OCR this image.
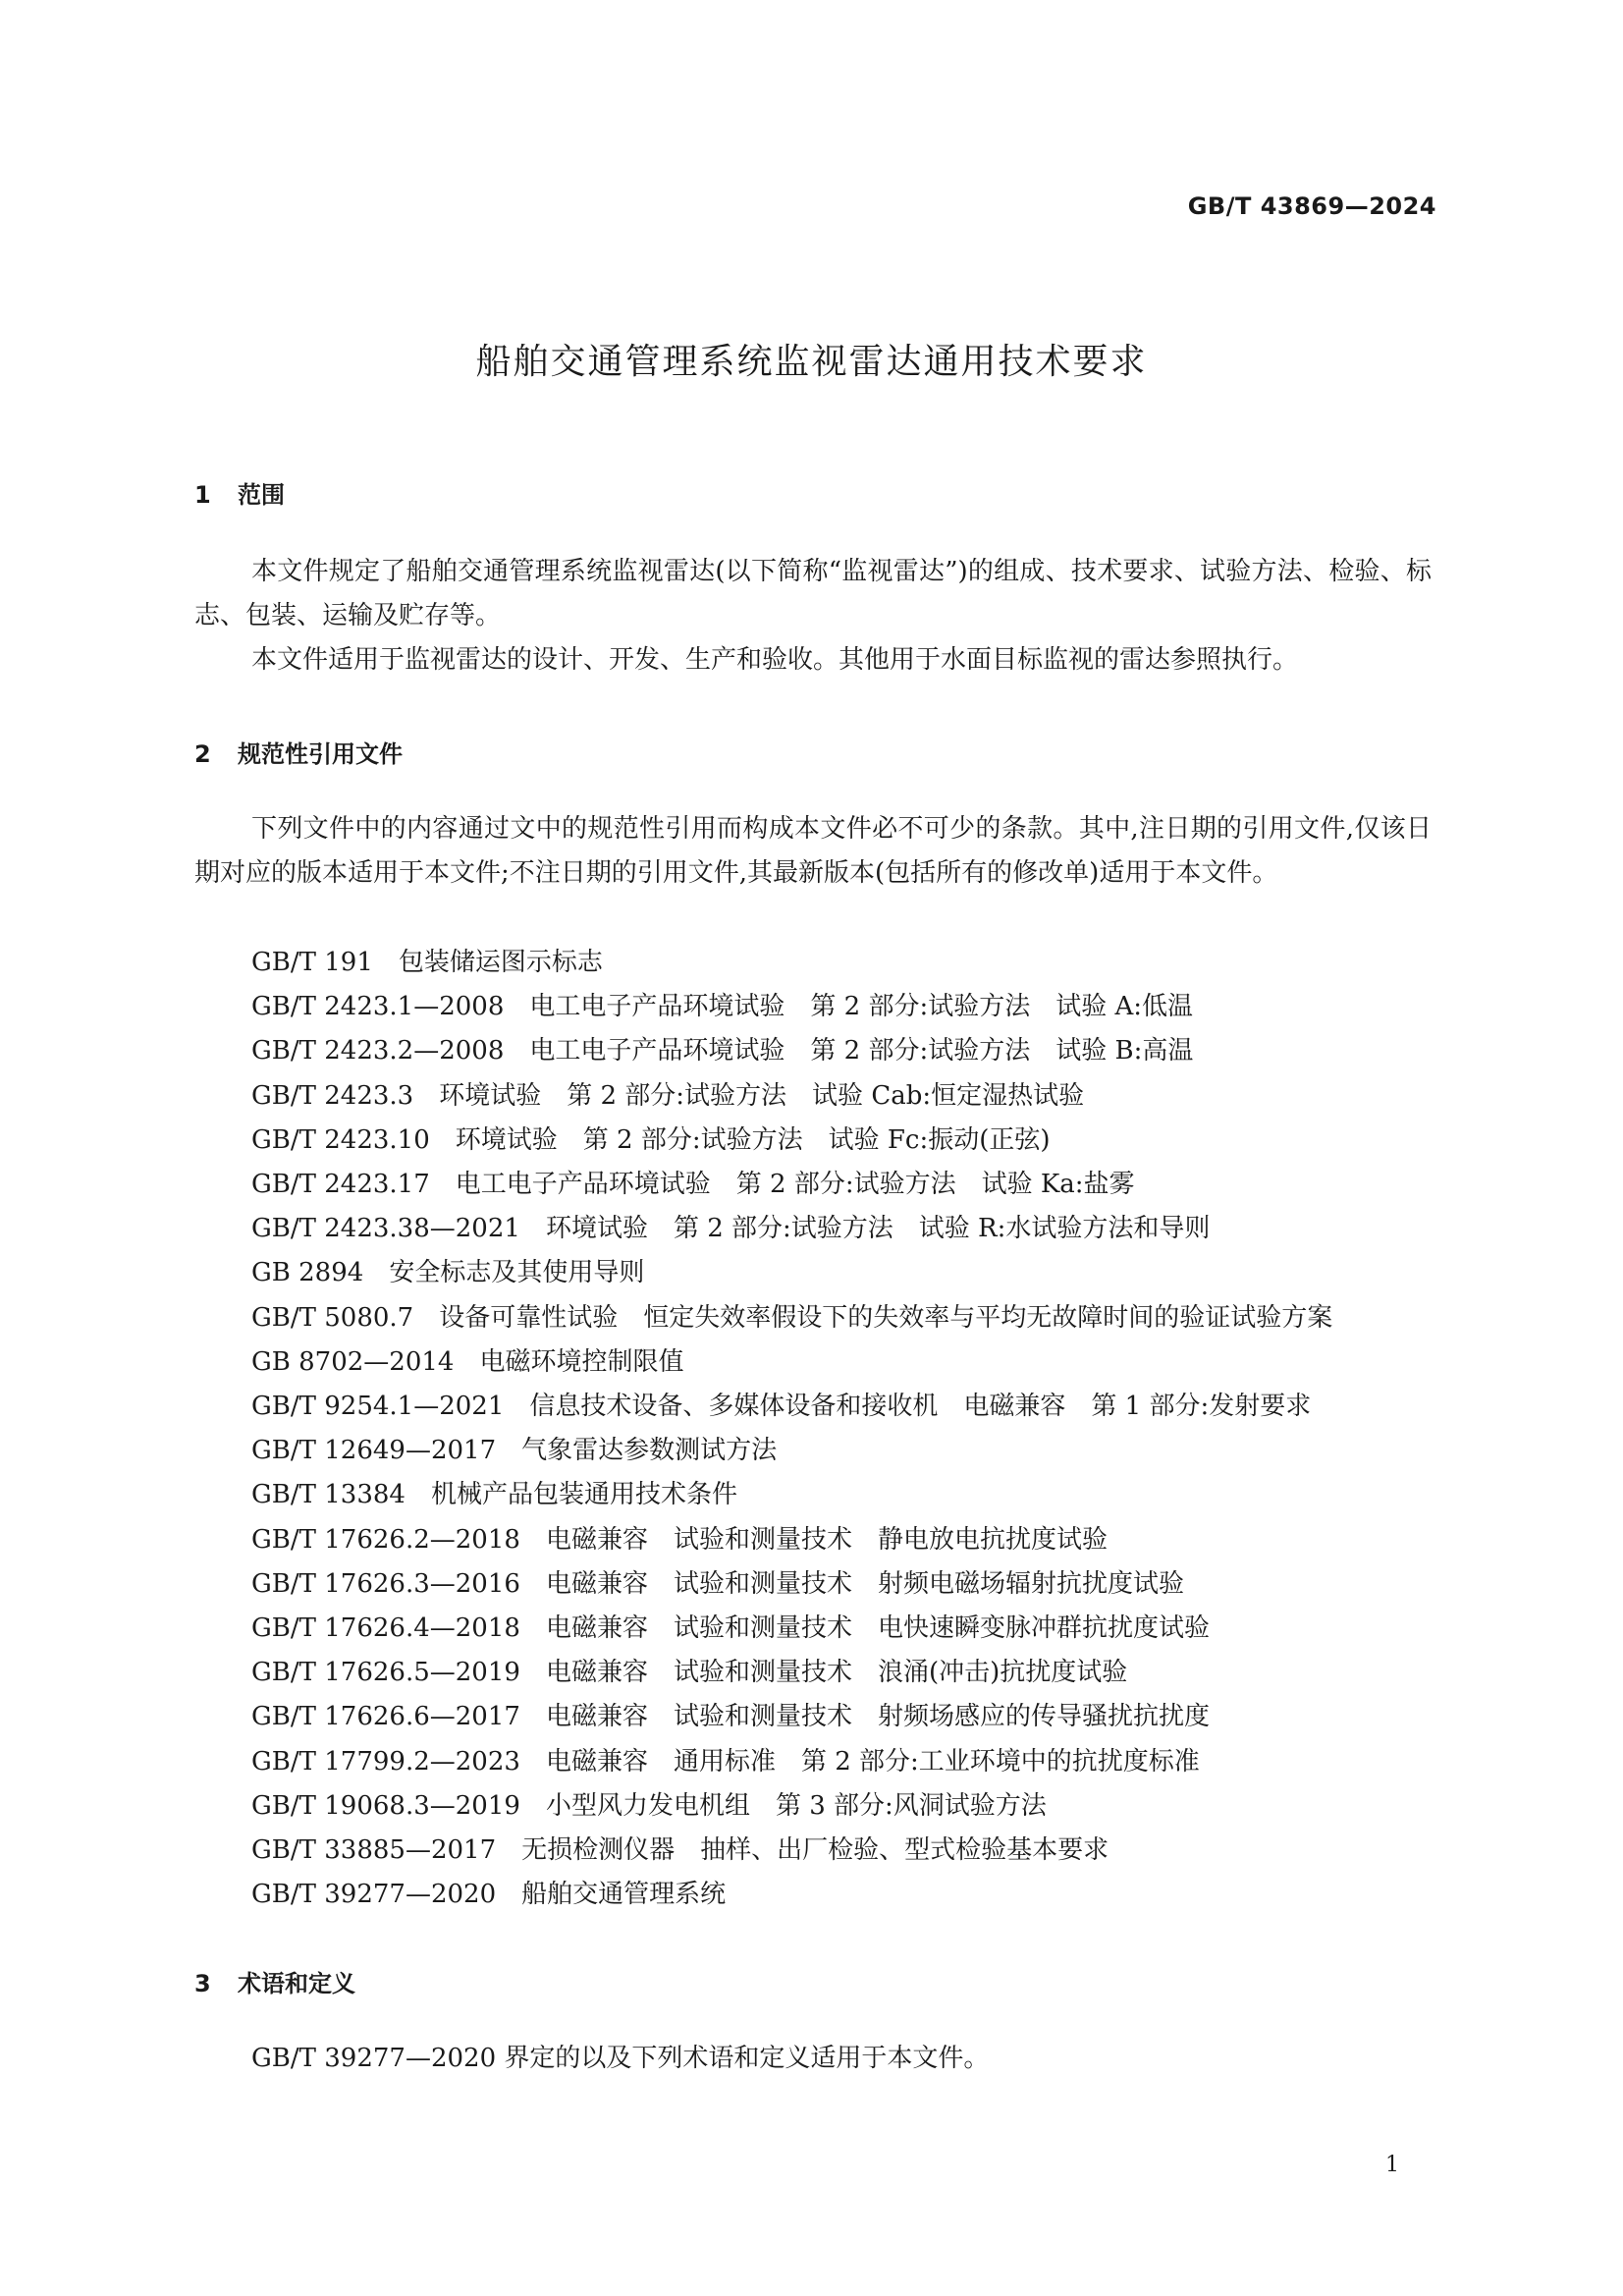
GB/T 43869—2024
船舶交通管理系统监视雷达通用技术要求
1 范围

本文件规定了船舶交通管理系统监视雷达(以下简称“监视雷达”)的组成、技术要求、试验方法、检验、标志、包装、运输及贮存等。

本文件适用于监视雷达的设计、开发、生产和验收。其他用于水面目标监视的雷达参照执行。

2 规范性引用文件

下列文件中的内容通过文中的规范性引用而构成本文件必不可少的条款。其中,注日期的引用文件,仅该日期对应的版本适用于本文件;不注日期的引用文件,其最新版本(包括所有的修改单)适用于本文件。

GB/T 191 包装储运图示标志
GB/T 2423.1—2008 电工电子产品环境试验　第 2 部分:试验方法　试验 A:低温
GB/T 2423.2—2008 电工电子产品环境试验　第 2 部分:试验方法　试验 B:高温
GB/T 2423.3 环境试验　第 2 部分:试验方法　试验 Cab:恒定湿热试验
GB/T 2423.10 环境试验　第 2 部分:试验方法　试验 Fc:振动(正弦)
GB/T 2423.17 电工电子产品环境试验　第 2 部分:试验方法　试验 Ka:盐雾
GB/T 2423.38—2021 环境试验　第 2 部分:试验方法　试验 R:水试验方法和导则
GB 2894 安全标志及其使用导则
GB/T 5080.7 设备可靠性试验　恒定失效率假设下的失效率与平均无故障时间的验证试验方案
GB 8702—2014 电磁环境控制限值
GB/T 9254.1—2021 信息技术设备、多媒体设备和接收机　电磁兼容　第 1 部分:发射要求
GB/T 12649—2017 气象雷达参数测试方法
GB/T 13384 机械产品包装通用技术条件
GB/T 17626.2—2018 电磁兼容　试验和测量技术　静电放电抗扰度试验
GB/T 17626.3—2016 电磁兼容　试验和测量技术　射频电磁场辐射抗扰度试验
GB/T 17626.4—2018 电磁兼容　试验和测量技术　电快速瞬变脉冲群抗扰度试验
GB/T 17626.5—2019 电磁兼容　试验和测量技术　浪涌(冲击)抗扰度试验
GB/T 17626.6—2017 电磁兼容　试验和测量技术　射频场感应的传导骚扰抗扰度
GB/T 17799.2—2023 电磁兼容　通用标准　第 2 部分:工业环境中的抗扰度标准
GB/T 19068.3—2019 小型风力发电机组　第 3 部分:风洞试验方法
GB/T 33885—2017 无损检测仪器　抽样、出厂检验、型式检验基本要求
GB/T 39277—2020 船舶交通管理系统
3 术语和定义

GB/T 39277—2020 界定的以及下列术语和定义适用于本文件。

1
